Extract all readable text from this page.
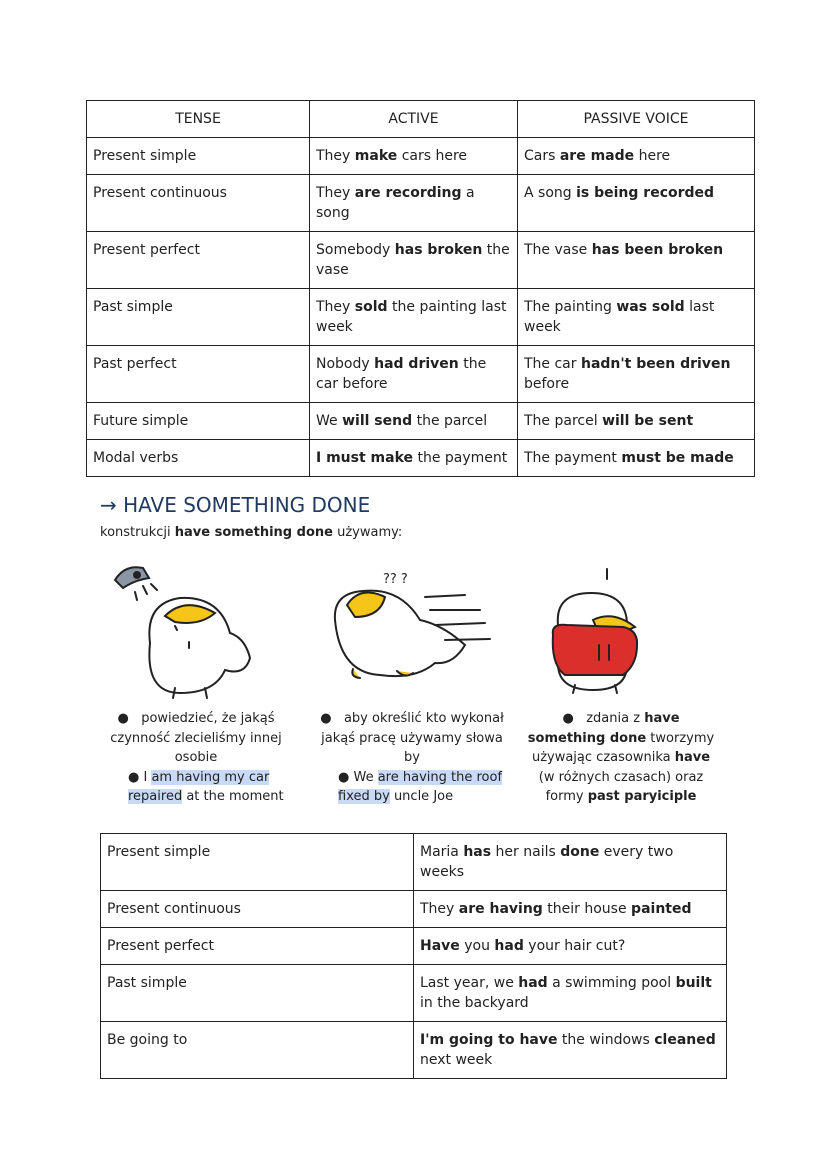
TENSE	ACTIVE	PASSIVE VOICE
Present simple	They make cars here	Cars are made here
Present continuous	They are recording a song	A song is being recorded
Present perfect	Somebody has broken the vase	The vase has been broken
Past simple	They sold the painting last week	The painting was sold last week
Past perfect	Nobody had driven the car before	The car hadn't been driven before
Future simple	We will send the parcel	The parcel will be sent
Modal verbs	I must make the payment	The payment must be made
→ HAVE SOMETHING DONE
konstrukcji have something done używamy:
?? ?
●   powiedzieć, że jakąś czynność zlecieliśmy innej osobie
● I am having my car repaired at the moment
●   aby określić kto wykonał jakąś pracę używamy słowa by
● We are having the roof fixed by uncle Joe
●   zdania z have something done tworzymy używając czasownika have (w różnych czasach) oraz formy past paryiciple
Present simple	Maria has her nails done every two weeks
Present continuous	They are having their house painted
Present perfect	Have you had your hair cut?
Past simple	Last year, we had a swimming pool built in the backyard
Be going to	I'm going to have the windows cleaned next week
